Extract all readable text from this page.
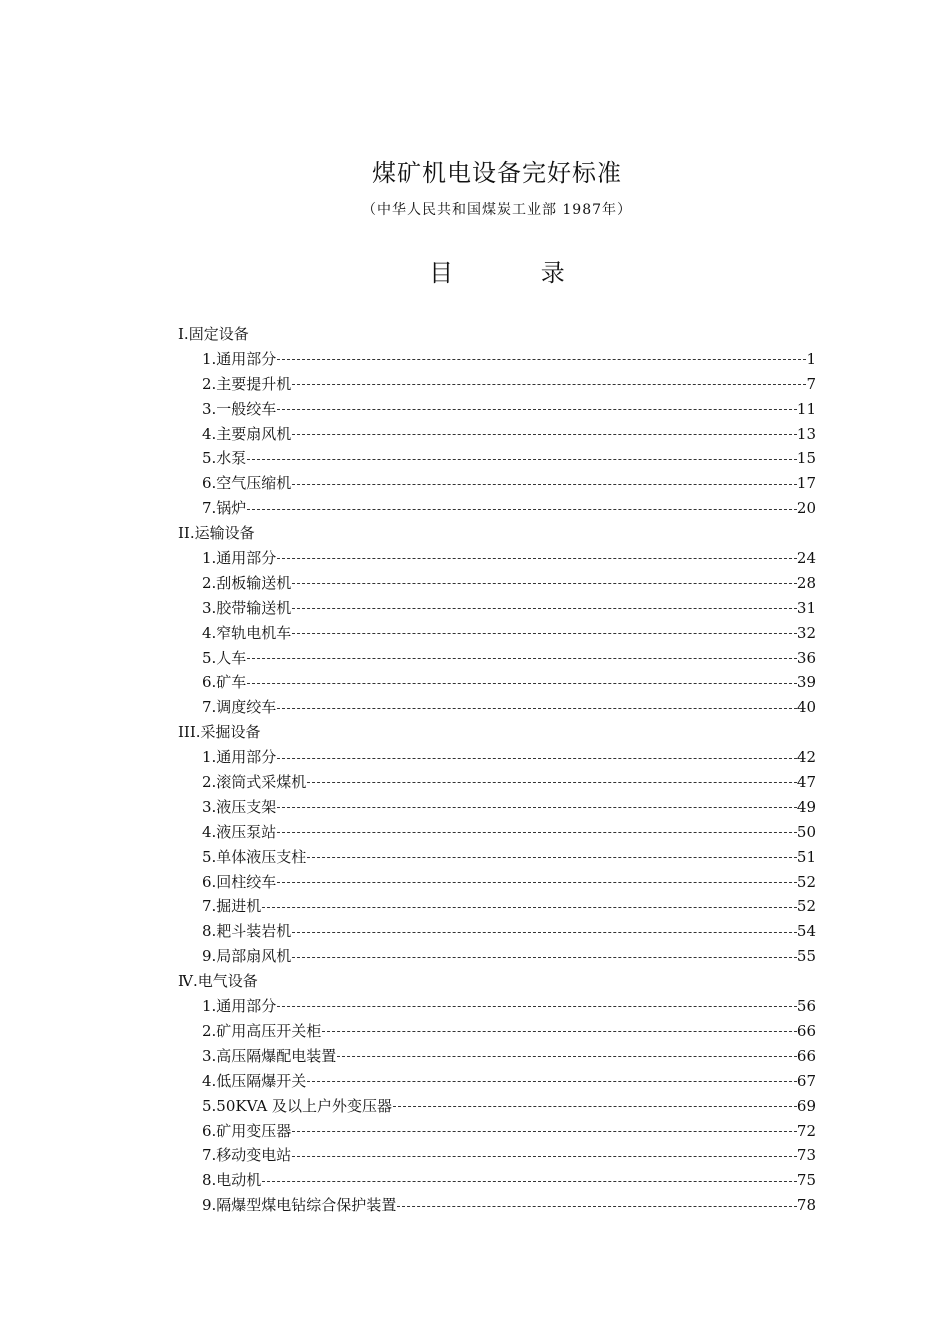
煤矿机电设备完好标准
（中华人民共和国煤炭工业部 1987年）
目 录
I.固定设备
1.通用部分	1
2.主要提升机	7
3.一般绞车	11
4.主要扇风机	13
5.水泵	15
6.空气压缩机	17
7.锅炉	20
II.运输设备
1.通用部分	24
2.刮板输送机	28
3.胶带输送机	31
4.窄轨电机车	32
5.人车	36
6.矿车	39
7.调度绞车	40
III.采掘设备
1.通用部分	42
2.滚筒式采煤机	47
3.液压支架	49
4.液压泵站	50
5.单体液压支柱	51
6.回柱绞车	52
7.掘进机	52
8.耙斗装岩机	54
9.局部扇风机	55
Ⅳ.电气设备
1.通用部分	56
2.矿用高压开关柜	66
3.高压隔爆配电装置	66
4.低压隔爆开关	67
5.50KVA 及以上户外变压器	69
6.矿用变压器	72
7.移动变电站	73
8.电动机	75
9.隔爆型煤电钻综合保护装置	78
